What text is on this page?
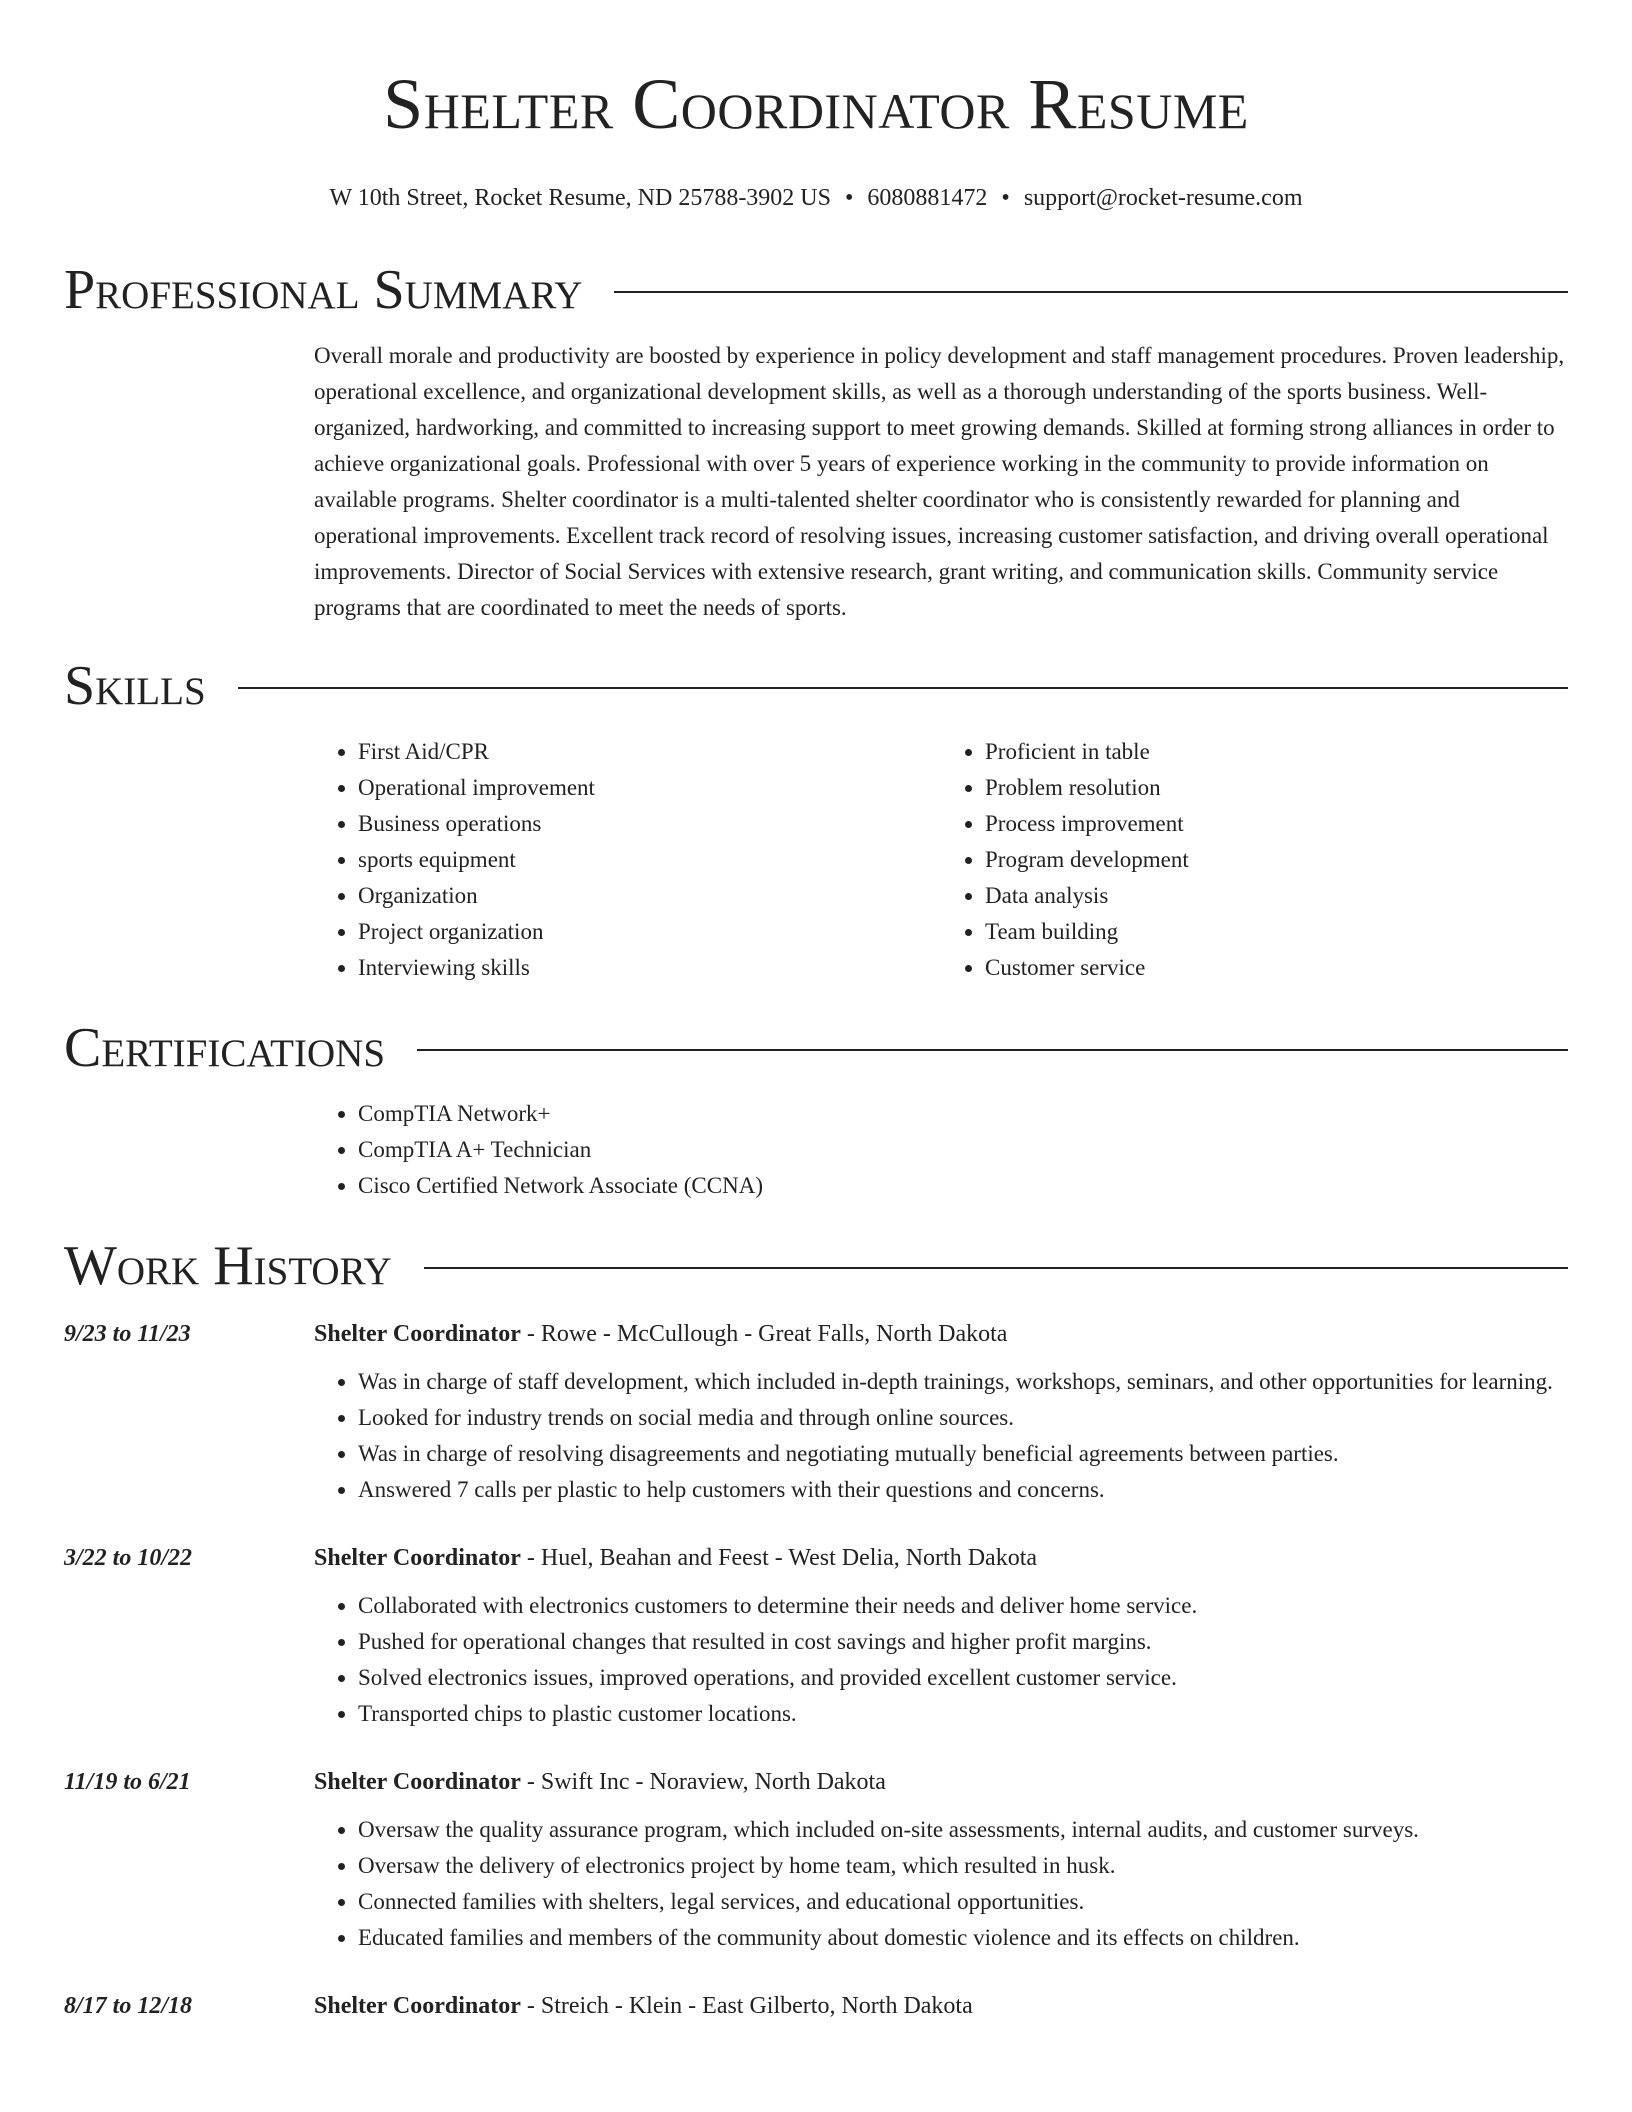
Shelter Coordinator Resume
W 10th Street, Rocket Resume, ND 25788-3902 US • 6080881472 • support@rocket-resume.com
Professional Summary
Overall morale and productivity are boosted by experience in policy development and staff management procedures. Proven leadership, operational excellence, and organizational development skills, as well as a thorough understanding of the sports business. Well-organized, hardworking, and committed to increasing support to meet growing demands. Skilled at forming strong alliances in order to achieve organizational goals. Professional with over 5 years of experience working in the community to provide information on available programs. Shelter coordinator is a multi-talented shelter coordinator who is consistently rewarded for planning and operational improvements. Excellent track record of resolving issues, increasing customer satisfaction, and driving overall operational improvements. Director of Social Services with extensive research, grant writing, and communication skills. Community service programs that are coordinated to meet the needs of sports.
Skills
• First Aid/CPR
• Operational improvement
• Business operations
• sports equipment
• Organization
• Project organization
• Interviewing skills
• Proficient in table
• Problem resolution
• Process improvement
• Program development
• Data analysis
• Team building
• Customer service
Certifications
• CompTIA Network+
• CompTIA A+ Technician
• Cisco Certified Network Associate (CCNA)
Work History
9/23 to 11/23	Shelter Coordinator - Rowe - McCullough - Great Falls, North Dakota
• Was in charge of staff development, which included in-depth trainings, workshops, seminars, and other opportunities for learning.
• Looked for industry trends on social media and through online sources.
• Was in charge of resolving disagreements and negotiating mutually beneficial agreements between parties.
• Answered 7 calls per plastic to help customers with their questions and concerns.
3/22 to 10/22	Shelter Coordinator - Huel, Beahan and Feest - West Delia, North Dakota
• Collaborated with electronics customers to determine their needs and deliver home service.
• Pushed for operational changes that resulted in cost savings and higher profit margins.
• Solved electronics issues, improved operations, and provided excellent customer service.
• Transported chips to plastic customer locations.
11/19 to 6/21	Shelter Coordinator - Swift Inc - Noraview, North Dakota
• Oversaw the quality assurance program, which included on-site assessments, internal audits, and customer surveys.
• Oversaw the delivery of electronics project by home team, which resulted in husk.
• Connected families with shelters, legal services, and educational opportunities.
• Educated families and members of the community about domestic violence and its effects on children.
8/17 to 12/18	Shelter Coordinator - Streich - Klein - East Gilberto, North Dakota
